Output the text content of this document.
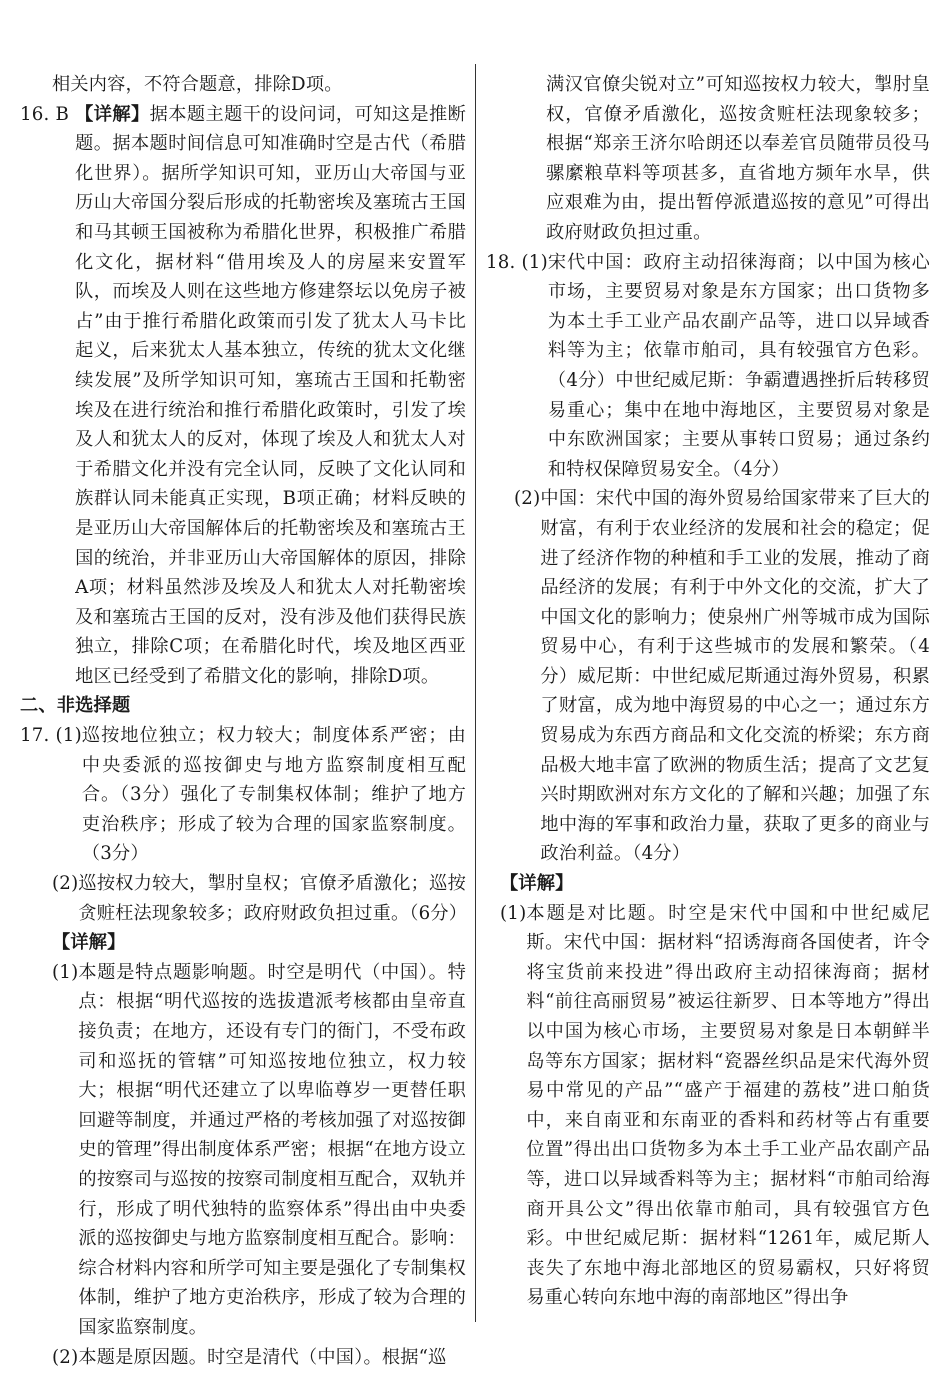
相关内容，不符合题意，排除D项。

16. B 【详解】据本题主题干的设问词，可知这是推断题。据本题时间信息可知准确时空是古代（希腊化世界）。据所学知识可知，亚历山大帝国与亚历山大帝国分裂后形成的托勒密埃及塞琉古王国和马其顿王国被称为希腊化世界，积极推广希腊化文化，据材料“借用埃及人的房屋来安置军队，而埃及人则在这些地方修建祭坛以免房子被占”由于推行希腊化政策而引发了犹太人马卡比起义，后来犹太人基本独立，传统的犹太文化继续发展”及所学知识可知，塞琉古王国和托勒密埃及在进行统治和推行希腊化政策时，引发了埃及人和犹太人的反对，体现了埃及人和犹太人对于希腊文化并没有完全认同，反映了文化认同和族群认同未能真正实现，B项正确；材料反映的是亚历山大帝国解体后的托勒密埃及和塞琉古王国的统治，并非亚历山大帝国解体的原因，排除A项；材料虽然涉及埃及人和犹太人对托勒密埃及和塞琉古王国的反对，没有涉及他们获得民族独立，排除C项；在希腊化时代，埃及地区西亚地区已经受到了希腊文化的影响，排除D项。
二、非选择题
17. (1) 巡按地位独立；权力较大；制度体系严密；由中央委派的巡按御史与地方监察制度相互配合。（3分）强化了专制集权体制；维护了地方吏治秩序；形成了较为合理的国家监察制度。（3分）
(2) 巡按权力较大，掣肘皇权；官僚矛盾激化；巡按贪赃枉法现象较多；政府财政负担过重。（6分）
【详解】
(1) 本题是特点题影响题。时空是明代（中国）。特点：根据“明代巡按的选拔遣派考核都由皇帝直接负责；在地方，还设有专门的衙门，不受布政司和巡抚的管辖”可知巡按地位独立，权力较大；根据“明代还建立了以卑临尊岁一更替任职回避等制度，并通过严格的考核加强了对巡按御史的管理”得出制度体系严密；根据“在地方设立的按察司与巡按的按察司制度相互配合，双轨并行，形成了明代独特的监察体系”得出由中央委派的巡按御史与地方监察制度相互配合。影响：综合材料内容和所学可知主要是强化了专制集权体制，维护了地方吏治秩序，形成了较为合理的国家监察制度。
(2) 本题是原因题。时空是清代（中国）。根据“巡

满汉官僚尖锐对立”可知巡按权力较大，掣肘皇权，官僚矛盾激化，巡按贪赃枉法现象较多；根据“郑亲王济尔哈朗还以奉差官员随带员役马骡縻粮草料等项甚多，直省地方频年水旱，供应艰难为由，提出暂停派遣巡按的意见”可得出政府财政负担过重。

18. (1) 宋代中国：政府主动招徕海商；以中国为核心市场，主要贸易对象是东方国家；出口货物多为本土手工业产品农副产品等，进口以异域香料等为主；依靠市舶司，具有较强官方色彩。（4分）中世纪威尼斯：争霸遭遇挫折后转移贸易重心；集中在地中海地区，主要贸易对象是中东欧洲国家；主要从事转口贸易；通过条约和特权保障贸易安全。（4分）
(2) 中国：宋代中国的海外贸易给国家带来了巨大的财富，有利于农业经济的发展和社会的稳定；促进了经济作物的种植和手工业的发展，推动了商品经济的发展；有利于中外文化的交流，扩大了中国文化的影响力；使泉州广州等城市成为国际贸易中心，有利于这些城市的发展和繁荣。（4分）威尼斯：中世纪威尼斯通过海外贸易，积累了财富，成为地中海贸易的中心之一；通过东方贸易成为东西方商品和文化交流的桥梁；东方商品极大地丰富了欧洲的物质生活；提高了文艺复兴时期欧洲对东方文化的了解和兴趣；加强了东地中海的军事和政治力量，获取了更多的商业与政治利益。（4分）
【详解】
(1) 本题是对比题。时空是宋代中国和中世纪威尼斯。宋代中国：据材料“招诱海商各国使者，许令将宝货前来投进”得出政府主动招徕海商；据材料“前往高丽贸易”被运往新罗、日本等地方”得出以中国为核心市场，主要贸易对象是日本朝鲜半岛等东方国家；据材料“瓷器丝织品是宋代海外贸易中常见的产品”“盛产于福建的荔枝”进口舶货中，来自南亚和东南亚的香料和药材等占有重要位置”得出出口货物多为本土手工业产品农副产品等，进口以异域香料等为主；据材料“市舶司给海商开具公文”得出依靠市舶司，具有较强官方色彩。中世纪威尼斯：据材料“1261年，威尼斯人丧失了东地中海北部地区的贸易霸权，只好将贸易重心转向东地中海的南部地区”得出争
